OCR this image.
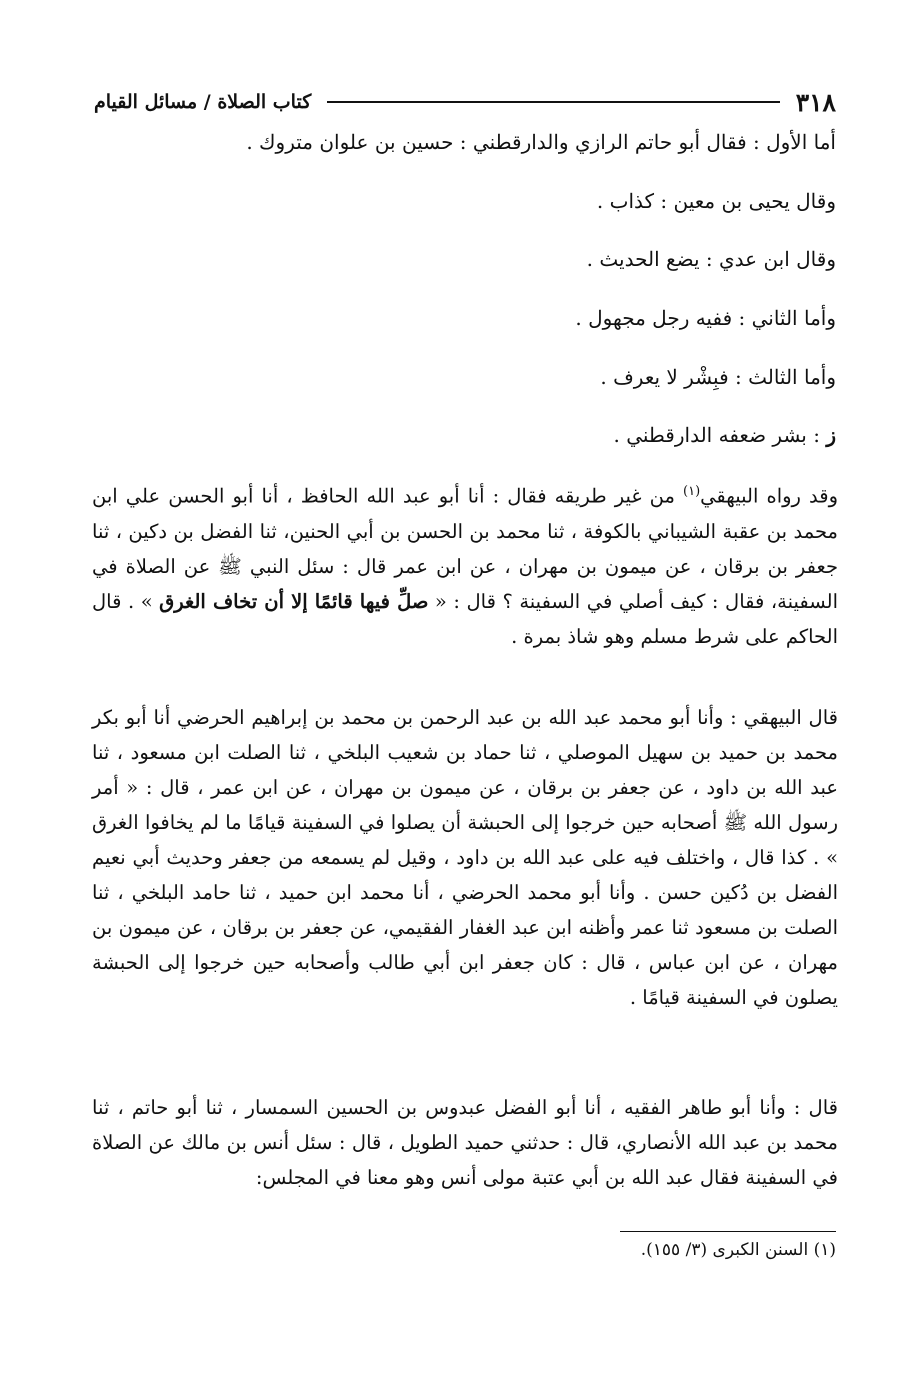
٣١٨
كتاب الصلاة / مسائل القيام
أما الأول : فقال أبو حاتم الرازي والدارقطني : حسين بن علوان متروك .
وقال يحيى بن معين : كذاب .
وقال ابن عدي : يضع الحديث .
وأما الثاني : ففيه رجل مجهول .
وأما الثالث : فبِشْر لا يعرف .
ز : بشر ضعفه الدارقطني .

وقد رواه البيهقي$^{(١)}$ من غير طريقه فقال : أنا أبو عبد الله الحافظ ، أنا أبو الحسن علي ابن محمد بن عقبة الشيباني بالكوفة ، ثنا محمد بن الحسن بن أبي الحنين، ثنا الفضل بن دكين ، ثنا جعفر بن برقان ، عن ميمون بن مهران ، عن ابن عمر قال : سئل النبي ﷺ عن الصلاة في السفينة، فقال : كيف أصلي في السفينة ؟ قال : « صلِّ فيها قائمًا إلا أن تخاف الغرق » . قال الحاكم على شرط مسلم وهو شاذ بمرة .

قال البيهقي : وأنا أبو محمد عبد الله بن عبد الرحمن بن محمد بن إبراهيم الحرضي أنا أبو بكر محمد بن حميد بن سهيل الموصلي ، ثنا حماد بن شعيب البلخي ، ثنا الصلت ابن مسعود ، ثنا عبد الله بن داود ، عن جعفر بن برقان ، عن ميمون بن مهران ، عن ابن عمر ، قال : « أمر رسول الله ﷺ أصحابه حين خرجوا إلى الحبشة أن يصلوا في السفينة قيامًا ما لم يخافوا الغرق » . كذا قال ، واختلف فيه على عبد الله بن داود ، وقيل لم يسمعه من جعفر وحديث أبي نعيم الفضل بن دُكين حسن . وأنا أبو محمد الحرضي ، أنا محمد ابن حميد ، ثنا حامد البلخي ، ثنا الصلت بن مسعود ثنا عمر وأظنه ابن عبد الغفار الفقيمي، عن جعفر بن برقان ، عن ميمون بن مهران ، عن ابن عباس ، قال : كان جعفر ابن أبي طالب وأصحابه حين خرجوا إلى الحبشة يصلون في السفينة قيامًا .

قال : وأنا أبو طاهر الفقيه ، أنا أبو الفضل عبدوس بن الحسين السمسار ، ثنا أبو حاتم ، ثنا محمد بن عبد الله الأنصاري، قال : حدثني حميد الطويل ، قال : سئل أنس بن مالك عن الصلاة في السفينة فقال عبد الله بن أبي عتبة مولى أنس وهو معنا في المجلس:

(١) السنن الكبرى (٣/ ١٥٥).
